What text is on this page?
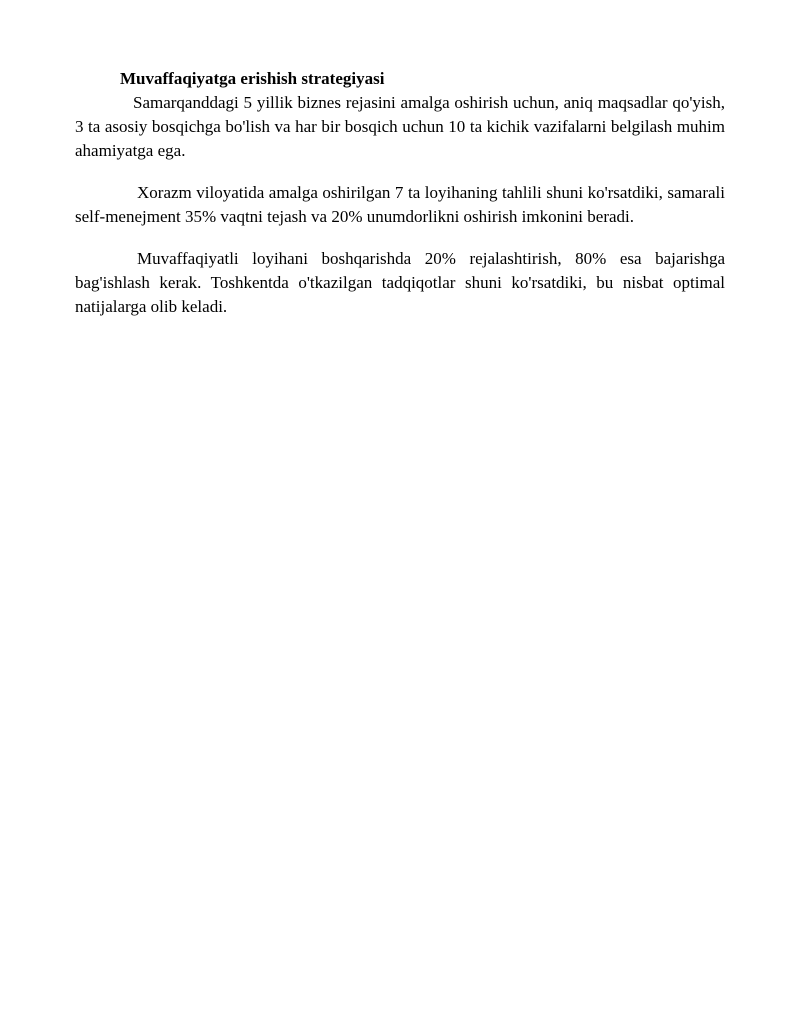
Muvaffaqiyatga erishish strategiyasi

Samarqanddagi 5 yillik biznes rejasini amalga oshirish uchun, aniq maqsadlar qo'yish, 3 ta asosiy bosqichga bo'lish va har bir bosqich uchun 10 ta kichik vazifalarni belgilash muhim ahamiyatga ega.

Xorazm viloyatida amalga oshirilgan 7 ta loyihaning tahlili shuni ko'rsatdiki, samarali self-menejment 35% vaqtni tejash va 20% unumdorlikni oshirish imkonini beradi.

Muvaffaqiyatli loyihani boshqarishda 20% rejalashtirish, 80% esa bajarishga bag'ishlash kerak. Toshkentda o'tkazilgan tadqiqotlar shuni ko'rsatdiki, bu nisbat optimal natijalarga olib keladi.
